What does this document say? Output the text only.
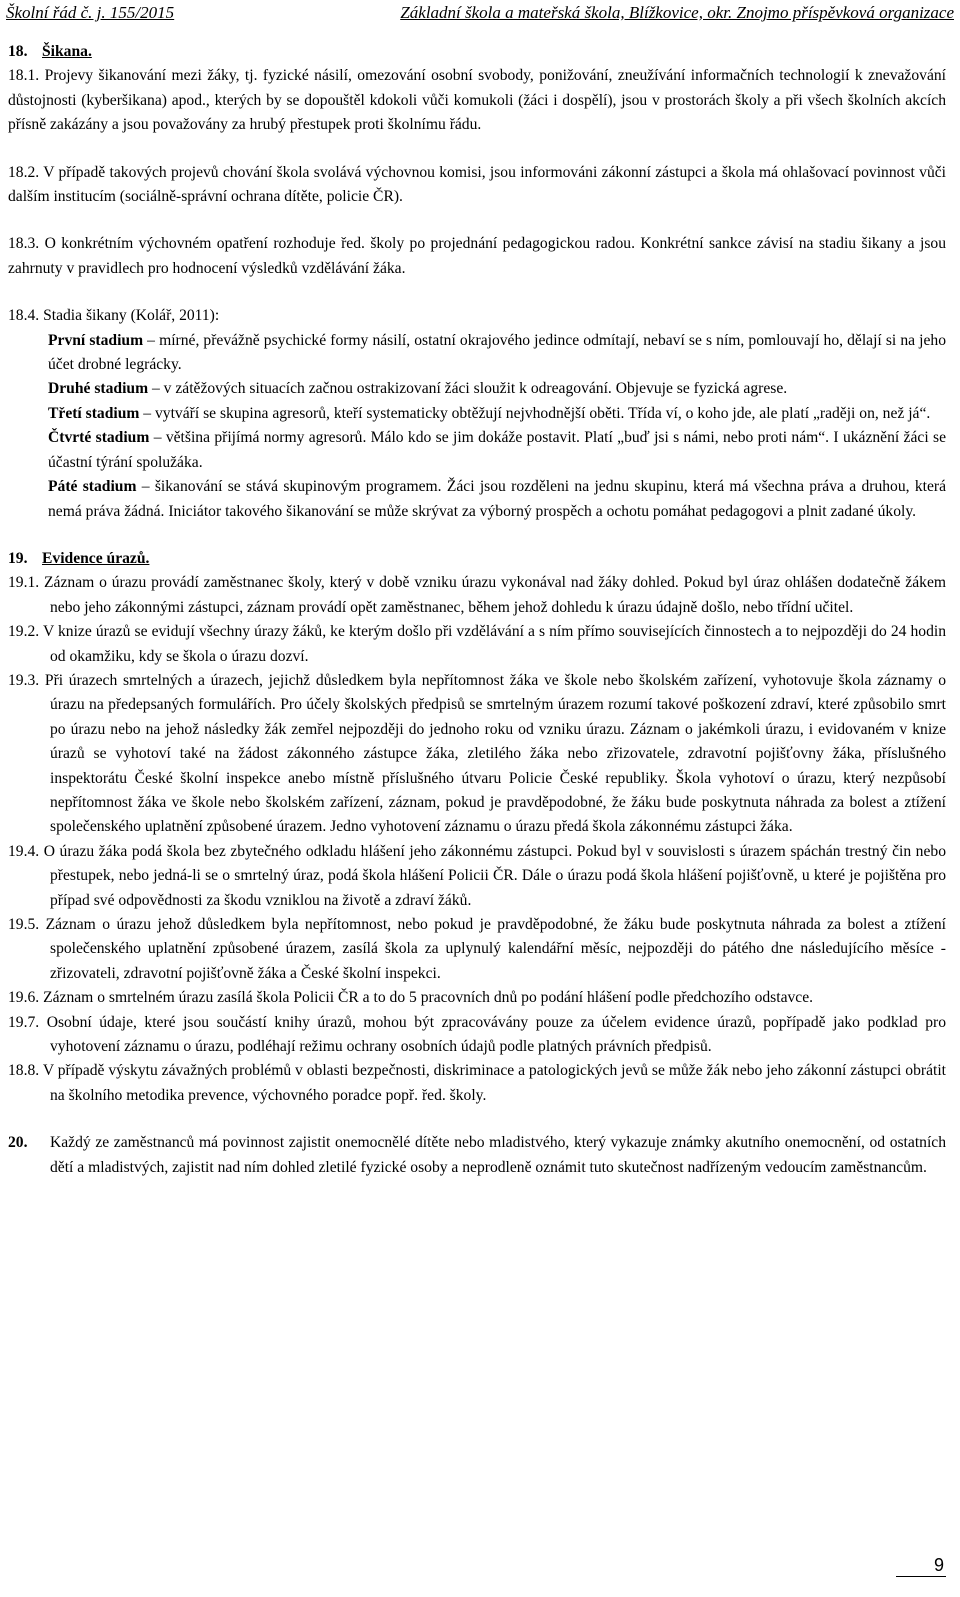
Školní řád č. j. 155/2015	Základní škola a mateřská škola, Blížkovice, okr. Znojmo příspěvková organizace

18. Šikana.

18.1. Projevy šikanování mezi žáky, tj. fyzické násilí, omezování osobní svobody, ponižování, zneužívání informačních technologií k znevažování důstojnosti (kyberšikana) apod., kterých by se dopouštěl kdokoli vůči komukoli (žáci i dospělí), jsou v prostorách školy a při všech školních akcích přísně zakázány a jsou považovány za hrubý přestupek proti školnímu řádu.

18.2. V případě takových projevů chování škola svolává výchovnou komisi, jsou informováni zákonní zástupci a škola má ohlašovací povinnost vůči dalším institucím (sociálně-správní ochrana dítěte, policie ČR).

18.3. O konkrétním výchovném opatření rozhoduje řed. školy po projednání pedagogickou radou. Konkrétní sankce závisí na stadiu šikany a jsou zahrnuty v pravidlech pro hodnocení výsledků vzdělávání žáka.

18.4. Stadia šikany (Kolář, 2011):

První stadium – mírné, převážně psychické formy násilí, ostatní okrajového jedince odmítají, nebaví se s ním, pomlouvají ho, dělají si na jeho účet drobné legrácky.

Druhé stadium – v zátěžových situacích začnou ostrakizovaní žáci sloužit k odreagování. Objevuje se fyzická agrese.

Třetí stadium – vytváří se skupina agresorů, kteří systematicky obtěžují nejvhodnější oběti. Třída ví, o koho jde, ale platí „raději on, než já“.

Čtvrté stadium – většina přijímá normy agresorů. Málo kdo se jim dokáže postavit. Platí „buď jsi s námi, nebo proti nám“. I ukáznění žáci se účastní týrání spolužáka.

Páté stadium – šikanování se stává skupinovým programem. Žáci jsou rozděleni na jednu skupinu, která má všechna práva a druhou, která nemá práva žádná. Iniciátor takového šikanování se může skrývat za výborný prospěch a ochotu pomáhat pedagogovi a plnit zadané úkoly.

19. Evidence úrazů.

19.1. Záznam o úrazu provádí zaměstnanec školy, který v době vzniku úrazu vykonával nad žáky dohled. Pokud byl úraz ohlášen dodatečně žákem nebo jeho zákonnými zástupci, záznam provádí opět zaměstnanec, během jehož dohledu k úrazu údajně došlo, nebo třídní učitel.

19.2. V knize úrazů se evidují všechny úrazy žáků, ke kterým došlo při vzdělávání a s ním přímo souvisejících činnostech a to nejpozději do 24 hodin od okamžiku, kdy se škola o úrazu dozví.

19.3. Při úrazech smrtelných a úrazech, jejichž důsledkem byla nepřítomnost žáka ve škole nebo školském zařízení, vyhotovuje škola záznamy o úrazu na předepsaných formulářích. Pro účely školských předpisů se smrtelným úrazem rozumí takové poškození zdraví, které způsobilo smrt po úrazu nebo na jehož následky žák zemřel nejpozději do jednoho roku od vzniku úrazu. Záznam o jakémkoli úrazu, i evidovaném v knize úrazů se vyhotoví také na žádost zákonného zástupce žáka, zletilého žáka nebo zřizovatele, zdravotní pojišťovny žáka, příslušného inspektorátu České školní inspekce anebo místně příslušného útvaru Policie České republiky. Škola vyhotoví o úrazu, který nezpůsobí nepřítomnost žáka ve škole nebo školském zařízení, záznam, pokud je pravděpodobné, že žáku bude poskytnuta náhrada za bolest a ztížení společenského uplatnění způsobené úrazem. Jedno vyhotovení záznamu o úrazu předá škola zákonnému zástupci žáka.

19.4. O úrazu žáka podá škola bez zbytečného odkladu hlášení jeho zákonnému zástupci. Pokud byl v souvislosti s úrazem spáchán trestný čin nebo přestupek, nebo jedná-li se o smrtelný úraz, podá škola hlášení Policii ČR. Dále o úrazu podá škola hlášení pojišťovně, u které je pojištěna pro případ své odpovědnosti za škodu vzniklou na životě a zdraví žáků.

19.5. Záznam o úrazu jehož důsledkem byla nepřítomnost, nebo pokud je pravděpodobné, že žáku bude poskytnuta náhrada za bolest a ztížení společenského uplatnění způsobené úrazem, zasílá škola za uplynulý kalendářní měsíc, nejpozději do pátého dne následujícího měsíce - zřizovateli, zdravotní pojišťovně žáka a České školní inspekci.

19.6. Záznam o smrtelném úrazu zasílá škola Policii ČR a to do 5 pracovních dnů po podání hlášení podle předchozího odstavce.

19.7. Osobní údaje, které jsou součástí knihy úrazů, mohou být zpracovávány pouze za účelem evidence úrazů, popřípadě jako podklad pro vyhotovení záznamu o úrazu, podléhají režimu ochrany osobních údajů podle platných právních předpisů.

18.8. V případě výskytu závažných problémů v oblasti bezpečnosti, diskriminace a patologických jevů se může žák nebo jeho zákonní zástupci obrátit na školního metodika prevence, výchovného poradce popř. řed. školy.

20. Každý ze zaměstnanců má povinnost zajistit onemocnělé dítěte nebo mladistvého, který vykazuje známky akutního onemocnění, od ostatních dětí a mladistvých, zajistit nad ním dohled zletilé fyzické osoby a neprodleně oznámit tuto skutečnost nadřízeným vedoucím zaměstnancům.

9
